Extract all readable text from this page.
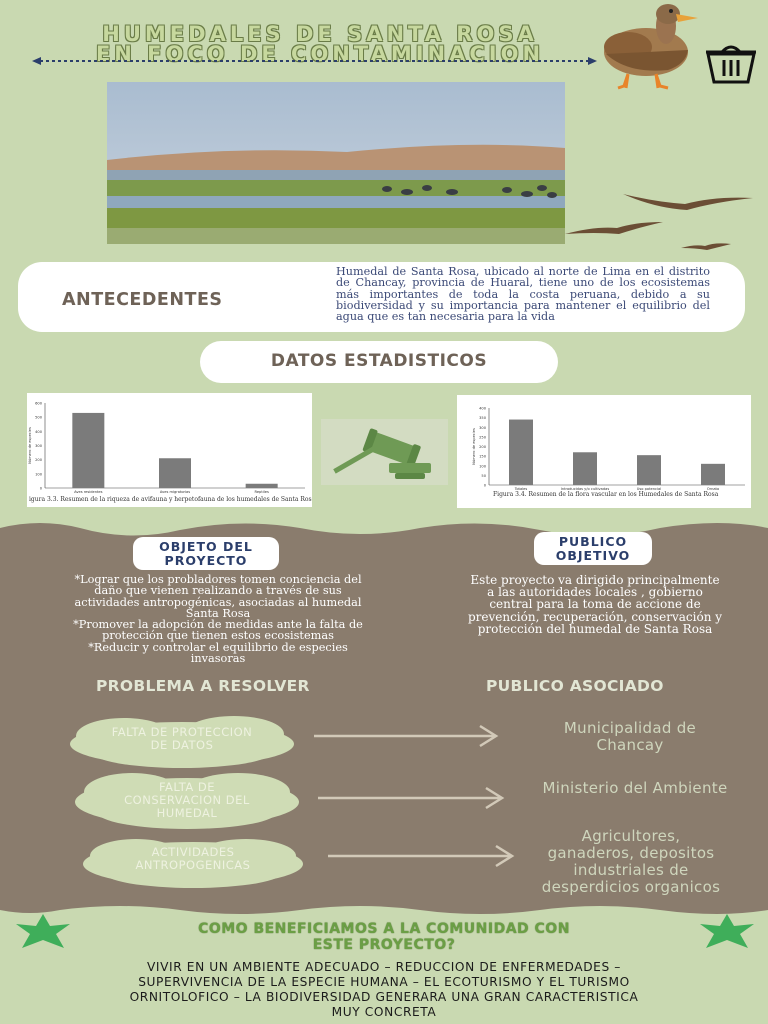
HUMEDALES DE SANTA ROSA
EN FOCO DE CONTAMINACION
ANTECEDENTES
Humedal de Santa Rosa, ubicado al norte de Lima en el distrito de Chancay, provincia de Huaral, tiene uno de los ecosistemas más importantes de toda la costa peruana, debido a su biodiversidad y su importancia para mantener el equilibrio del agua que es tan necesaria para la vida
DATOS ESTADISTICOS
600
500
400
300
200
100
0
Número de especies
Aves residentes	Aves migratorias	Reptiles
igura 3.3. Resumen de la riqueza de avifauna y herpetofauna de los humedales de Santa Rosa.
400
350
300
250
200
150
100
50
0
Número de especies
Totales	Introducidas y/o cultivadas	Uso potencial	Ornato
Figura 3.4. Resumen de la flora vascular en los Humedales de Santa Rosa
OBJETO DEL
PROYECTO
*Lograr que los probladores tomen conciencia del
daño que vienen realizando a través de sus
actividades antropogénicas, asociadas al humedal
Santa Rosa
*Promover la adopción de medidas ante la falta de
protección que tienen estos ecosistemas
*Reducir y controlar el equilibrio de especies
invasoras
PUBLICO
OBJETIVO
Este proyecto va dirigido principalmente
a las autoridades locales , gobierno
central para la toma de accione de
prevención, recuperación, conservación y
protección del humedal de Santa Rosa
PROBLEMA A RESOLVER	PUBLICO ASOCIADO
FALTA DE PROTECCION
DE DATOS
FALTA DE
CONSERVACION DEL
HUMEDAL
ACTIVIDADES
ANTROPOGENICAS
Municipalidad de
Chancay
Ministerio del Ambiente
Agricultores,
ganaderos, depositos
industriales de
desperdicios organicos
COMO BENEFICIAMOS A LA COMUNIDAD CON
ESTE PROYECTO?
VIVIR EN UN AMBIENTE ADECUADO – REDUCCION DE ENFERMEDADES –
SUPERVIVENCIA DE LA ESPECIE HUMANA – EL ECOTURISMO Y EL TURISMO
ORNITOLOFICO – LA BIODIVERSIDAD GENERARA UNA GRAN CARACTERISTICA
MUY CONCRETA
